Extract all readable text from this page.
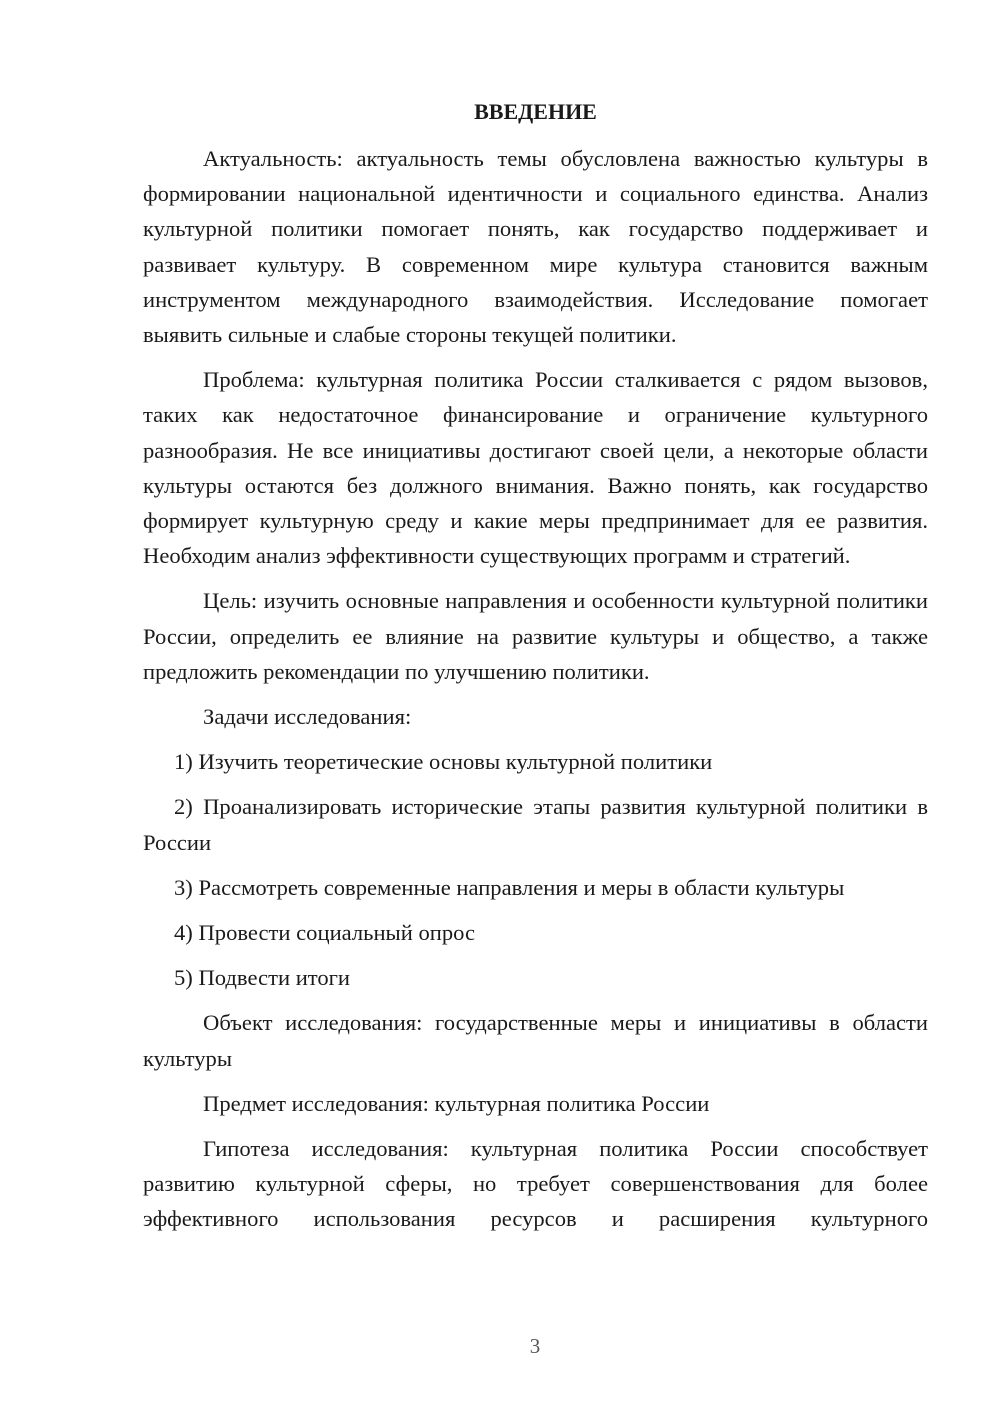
ВВЕДЕНИЕ

Актуальность: актуальность темы обусловлена важностью культуры в формировании национальной идентичности и социального единства. Анализ культурной политики помогает понять, как государство поддерживает и развивает культуру. В современном мире культура становится важным инструментом международного взаимодействия. Исследование помогает выявить сильные и слабые стороны текущей политики.

Проблема: культурная политика России сталкивается с рядом вызовов, таких как недостаточное финансирование и ограничение культурного разнообразия. Не все инициативы достигают своей цели, а некоторые области культуры остаются без должного внимания. Важно понять, как государство формирует культурную среду и какие меры предпринимает для ее развития. Необходим анализ эффективности существующих программ и стратегий.

Цель: изучить основные направления и особенности культурной политики России, определить ее влияние на развитие культуры и общество, а также предложить рекомендации по улучшению политики.

Задачи исследования:

1) Изучить теоретические основы культурной политики

2) Проанализировать исторические этапы развития культурной политики в России

3) Рассмотреть современные направления и меры в области культуры

4) Провести социальный опрос

5) Подвести итоги

Объект исследования: государственные меры и инициативы в области культуры

Предмет исследования: культурная политика России

Гипотеза исследования: культурная политика России способствует развитию культурной сферы, но требует совершенствования для более эффективного использования ресурсов и расширения культурного

3
